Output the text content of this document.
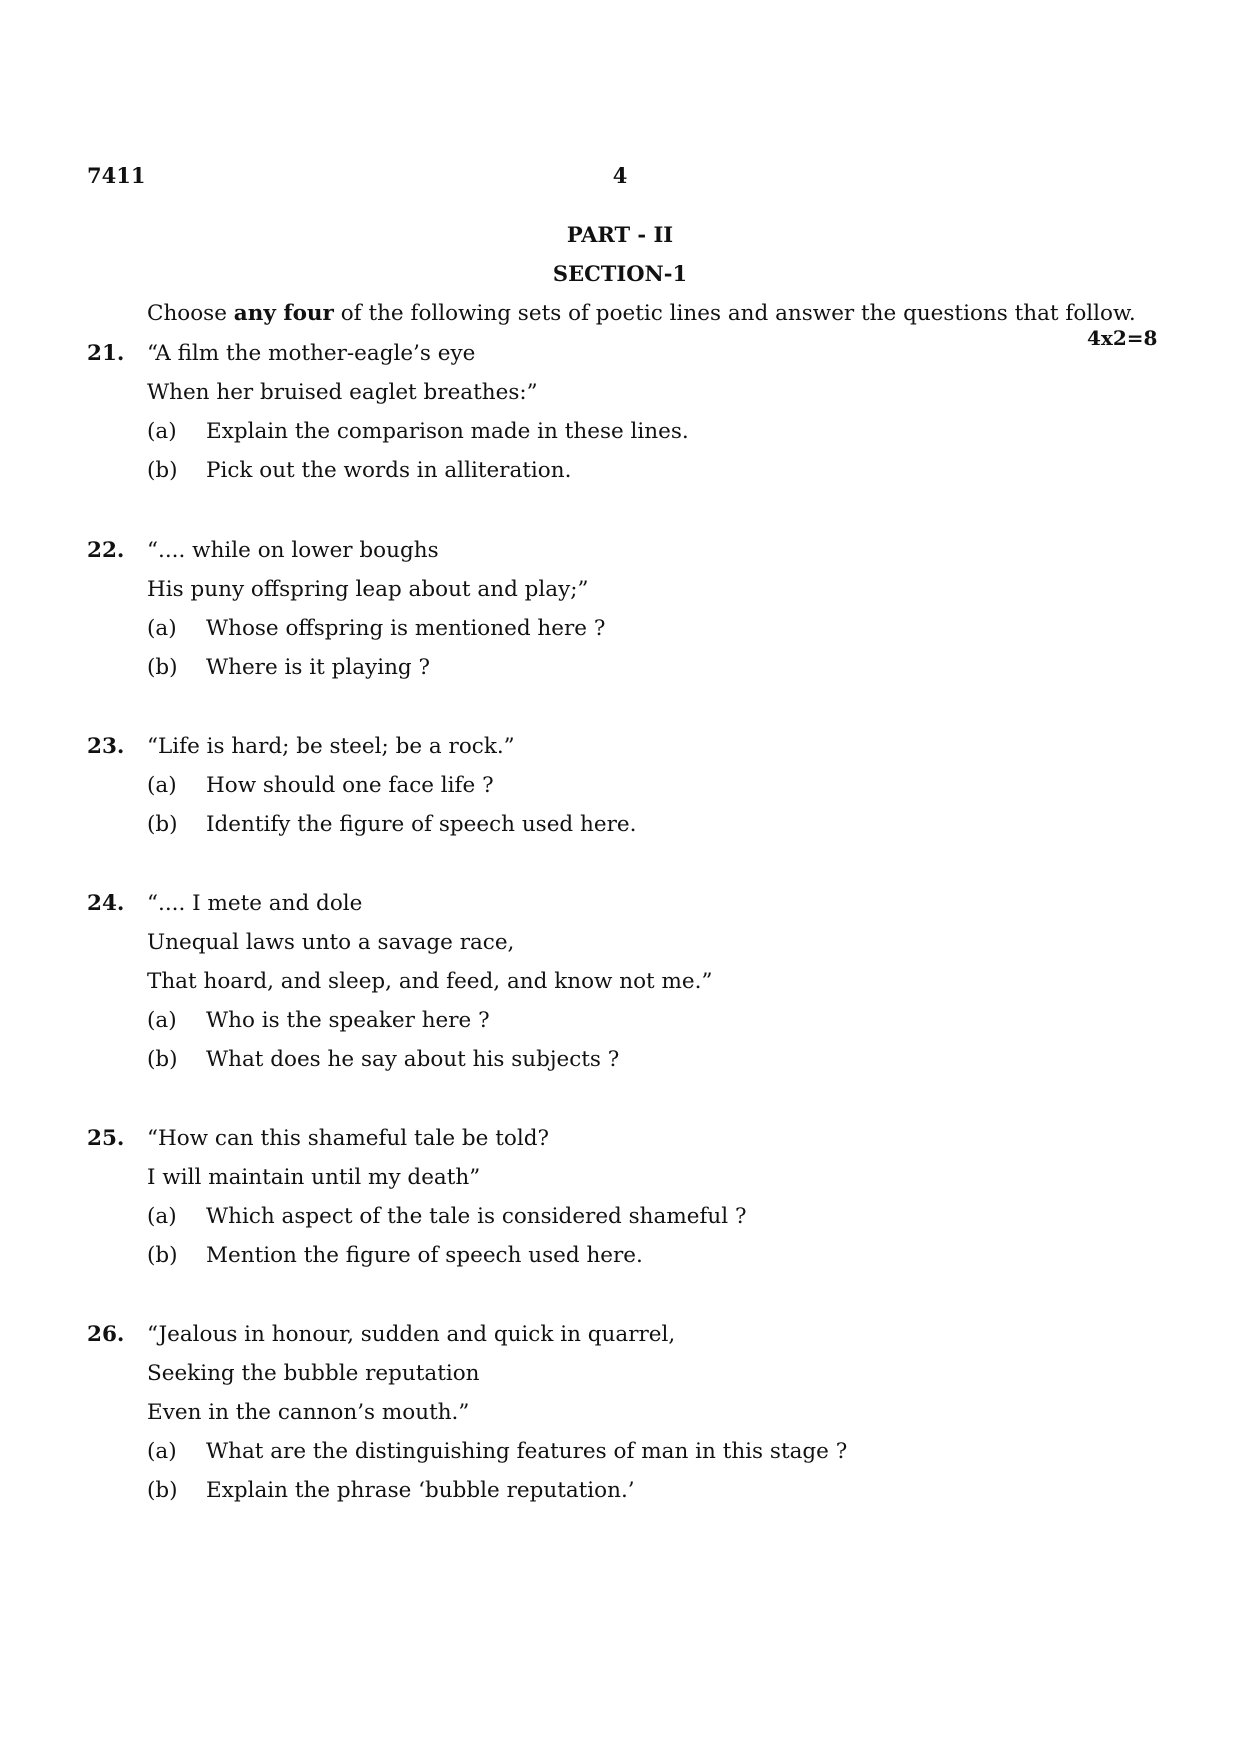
7411	4
PART - II
SECTION-1
Choose any four of the following sets of poetic lines and answer the questions that follow.
4x2=8
21. “A film the mother-eagle’s eye
When her bruised eaglet breathes:”
(a) Explain the comparison made in these lines.
(b) Pick out the words in alliteration.
22. “.... while on lower boughs
His puny offspring leap about and play;”
(a) Whose offspring is mentioned here ?
(b) Where is it playing ?
23. “Life is hard; be steel; be a rock.”
(a) How should one face life ?
(b) Identify the figure of speech used here.
24. “.... I mete and dole
Unequal laws unto a savage race,
That hoard, and sleep, and feed, and know not me.”
(a) Who is the speaker here ?
(b) What does he say about his subjects ?
25. “How can this shameful tale be told?
I will maintain until my death”
(a) Which aspect of the tale is considered shameful ?
(b) Mention the figure of speech used here.
26. “Jealous in honour, sudden and quick in quarrel,
Seeking the bubble reputation
Even in the cannon’s mouth.”
(a) What are the distinguishing features of man in this stage ?
(b) Explain the phrase ‘bubble reputation.’
